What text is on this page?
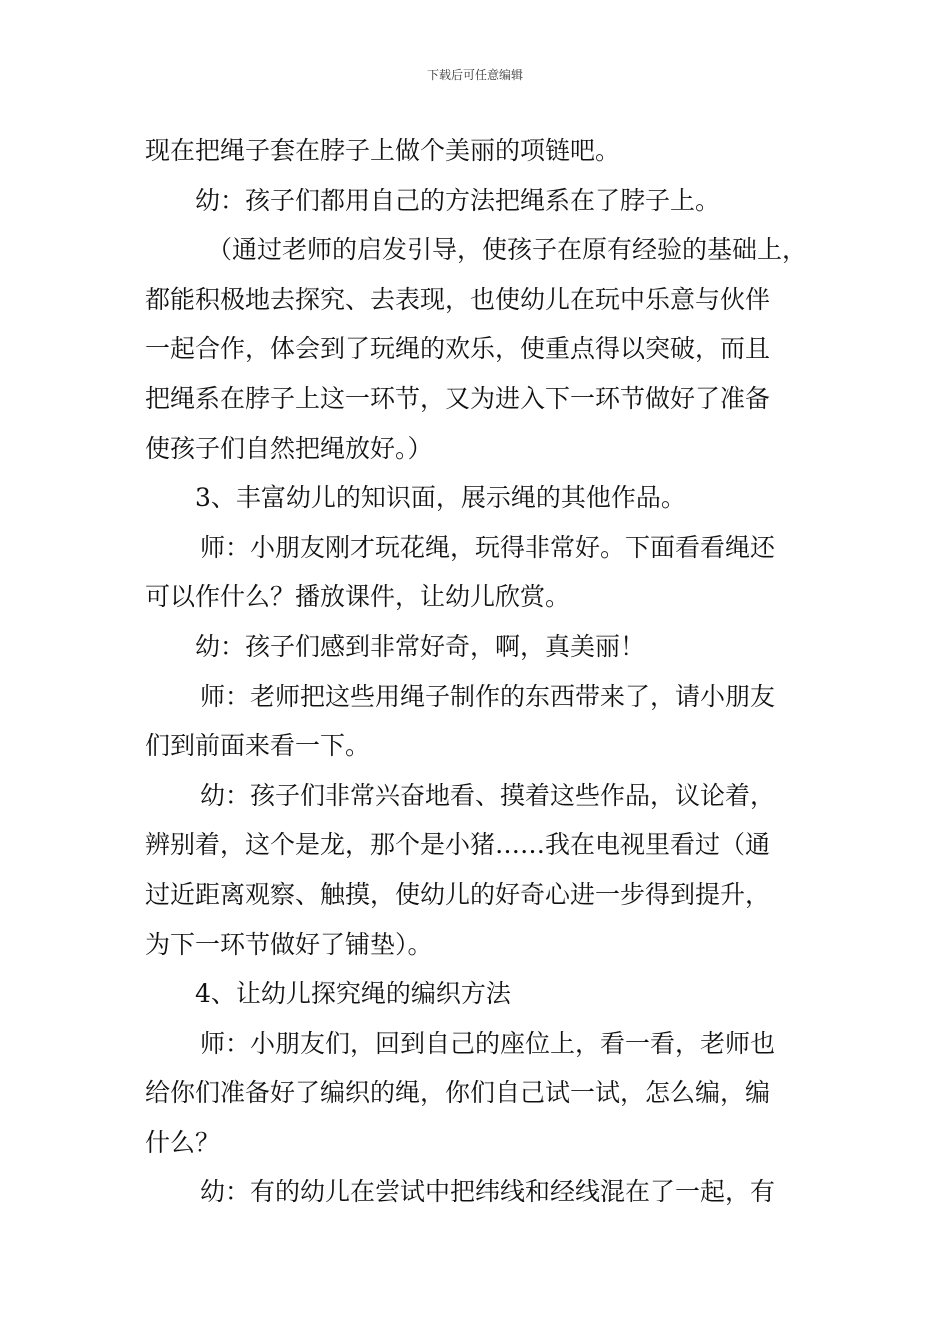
下载后可任意编辑
现在把绳子套在脖子上做个美丽的项链吧。
幼：孩子们都用自己的方法把绳系在了脖子上。
（通过老师的启发引导，使孩子在原有经验的基础上，
都能积极地去探究、去表现，也使幼儿在玩中乐意与伙伴
一起合作，体会到了玩绳的欢乐，使重点得以突破，而且
把绳系在脖子上这一环节，又为进入下一环节做好了准备
使孩子们自然把绳放好。）
3、丰富幼儿的知识面，展示绳的其他作品。
师：小朋友刚才玩花绳，玩得非常好。下面看看绳还
可以作什么？播放课件，让幼儿欣赏。
幼：孩子们感到非常好奇，啊，真美丽！
师：老师把这些用绳子制作的东西带来了，请小朋友
们到前面来看一下。
幼：孩子们非常兴奋地看、摸着这些作品，议论着，
辨别着，这个是龙，那个是小猪……我在电视里看过（通
过近距离观察、触摸，使幼儿的好奇心进一步得到提升，
为下一环节做好了铺垫）。
4、让幼儿探究绳的编织方法
师：小朋友们，回到自己的座位上，看一看，老师也
给你们准备好了编织的绳，你们自己试一试，怎么编，编
什么？
幼：有的幼儿在尝试中把纬线和经线混在了一起，有
